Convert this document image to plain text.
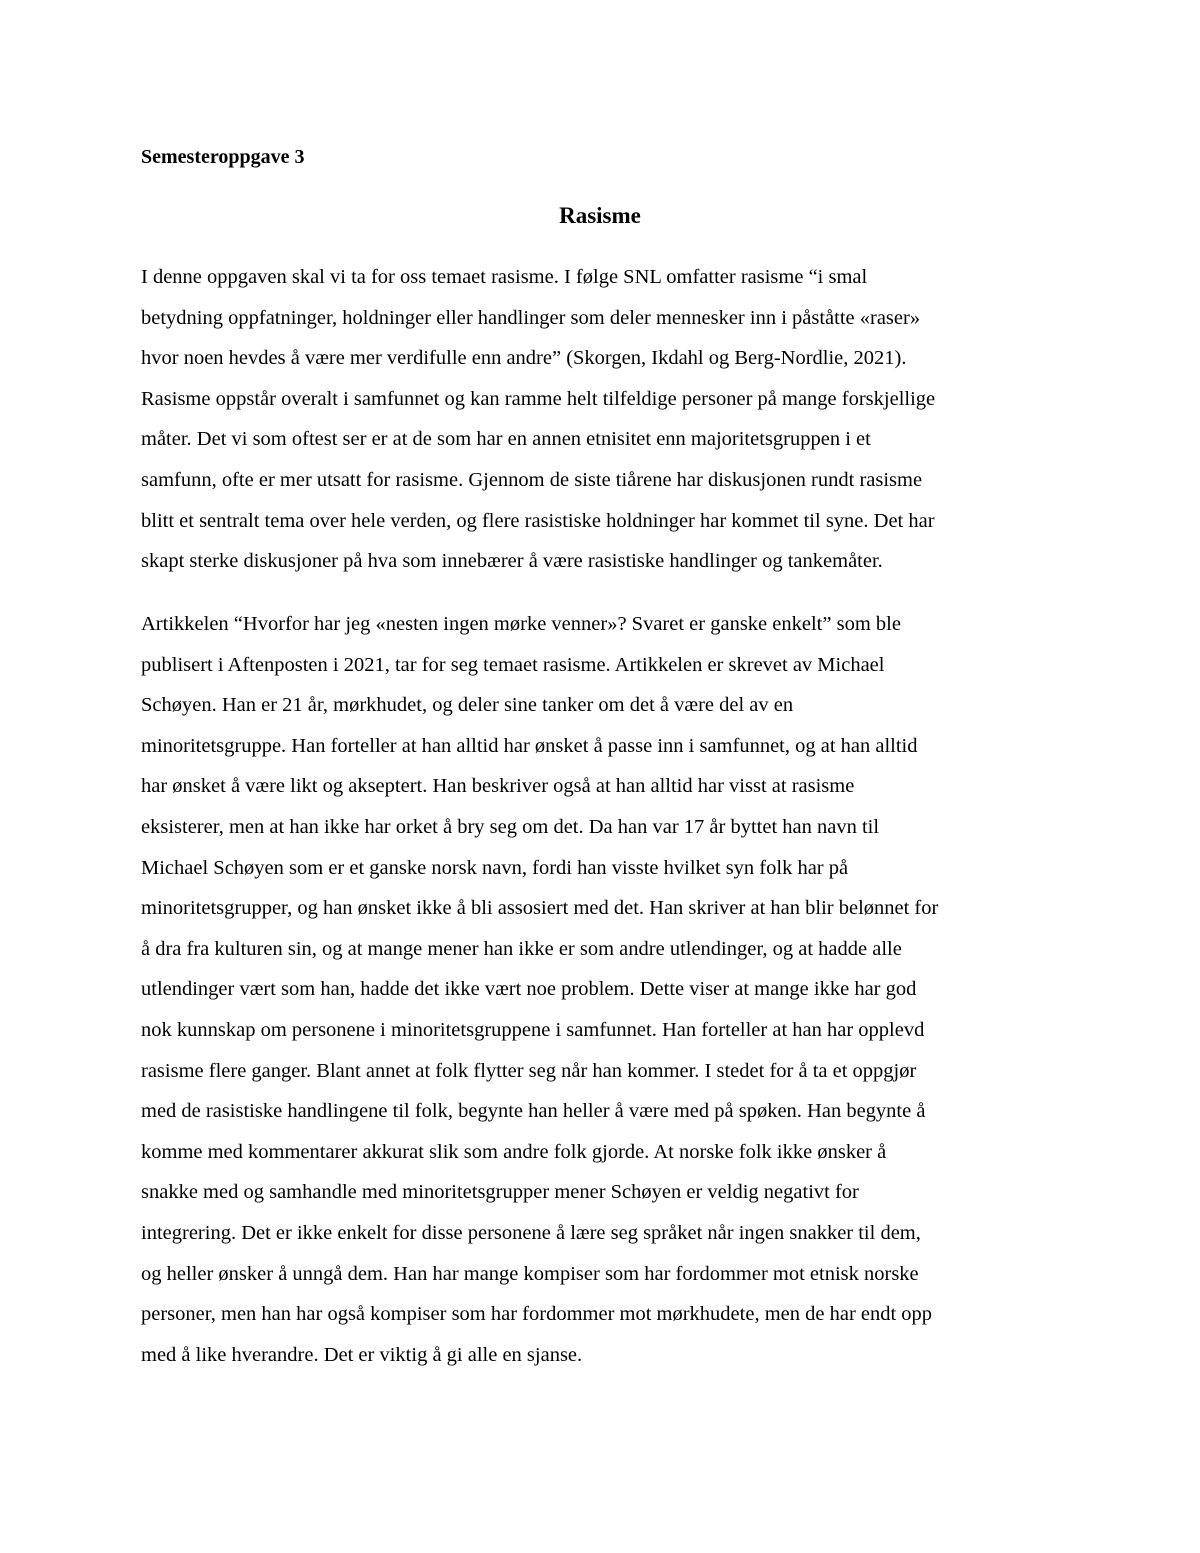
Semesteroppgave 3

Rasisme

I denne oppgaven skal vi ta for oss temaet rasisme. I følge SNL omfatter rasisme “i smal
betydning oppfatninger, holdninger eller handlinger som deler mennesker inn i påståtte «raser»
hvor noen hevdes å være mer verdifulle enn andre” (Skorgen, Ikdahl og Berg-Nordlie, 2021).
Rasisme oppstår overalt i samfunnet og kan ramme helt tilfeldige personer på mange forskjellige
måter. Det vi som oftest ser er at de som har en annen etnisitet enn majoritetsgruppen i et
samfunn, ofte er mer utsatt for rasisme. Gjennom de siste tiårene har diskusjonen rundt rasisme
blitt et sentralt tema over hele verden, og flere rasistiske holdninger har kommet til syne. Det har
skapt sterke diskusjoner på hva som innebærer å være rasistiske handlinger og tankemåter.

Artikkelen “Hvorfor har jeg «nesten ingen mørke venner»? Svaret er ganske enkelt” som ble
publisert i Aftenposten i 2021, tar for seg temaet rasisme. Artikkelen er skrevet av Michael
Schøyen. Han er 21 år, mørkhudet, og deler sine tanker om det å være del av en
minoritetsgruppe. Han forteller at han alltid har ønsket å passe inn i samfunnet, og at han alltid
har ønsket å være likt og akseptert. Han beskriver også at han alltid har visst at rasisme
eksisterer, men at han ikke har orket å bry seg om det. Da han var 17 år byttet han navn til
Michael Schøyen som er et ganske norsk navn, fordi han visste hvilket syn folk har på
minoritetsgrupper, og han ønsket ikke å bli assosiert med det. Han skriver at han blir belønnet for
å dra fra kulturen sin, og at mange mener han ikke er som andre utlendinger, og at hadde alle
utlendinger vært som han, hadde det ikke vært noe problem. Dette viser at mange ikke har god
nok kunnskap om personene i minoritetsgruppene i samfunnet. Han forteller at han har opplevd
rasisme flere ganger. Blant annet at folk flytter seg når han kommer. I stedet for å ta et oppgjør
med de rasistiske handlingene til folk, begynte han heller å være med på spøken. Han begynte å
komme med kommentarer akkurat slik som andre folk gjorde. At norske folk ikke ønsker å
snakke med og samhandle med minoritetsgrupper mener Schøyen er veldig negativt for
integrering. Det er ikke enkelt for disse personene å lære seg språket når ingen snakker til dem,
og heller ønsker å unngå dem. Han har mange kompiser som har fordommer mot etnisk norske
personer, men han har også kompiser som har fordommer mot mørkhudete, men de har endt opp
med å like hverandre. Det er viktig å gi alle en sjanse.
